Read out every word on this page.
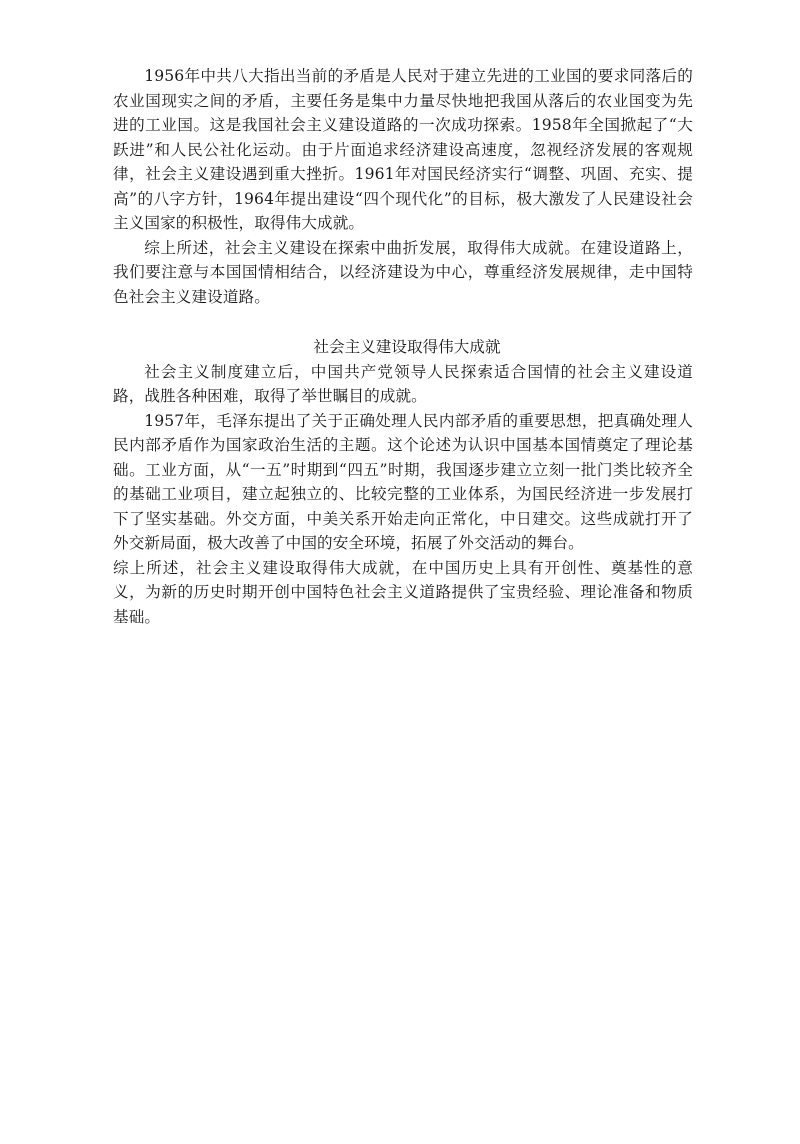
1956年中共八大指出当前的矛盾是人民对于建立先进的工业国的要求同落后的农业国现实之间的矛盾，主要任务是集中力量尽快地把我国从落后的农业国变为先进的工业国。这是我国社会主义建设道路的一次成功探索。1958年全国掀起了“大跃进”和人民公社化运动。由于片面追求经济建设高速度，忽视经济发展的客观规律，社会主义建设遇到重大挫折。1961年对国民经济实行“调整、巩固、充实、提高”的八字方针，1964年提出建设“四个现代化”的目标，极大激发了人民建设社会主义国家的积极性，取得伟大成就。

综上所述，社会主义建设在探索中曲折发展，取得伟大成就。在建设道路上，我们要注意与本国国情相结合，以经济建设为中心，尊重经济发展规律，走中国特色社会主义建设道路。

社会主义建设取得伟大成就

社会主义制度建立后，中国共产党领导人民探索适合国情的社会主义建设道路，战胜各种困难，取得了举世瞩目的成就。

1957年，毛泽东提出了关于正确处理人民内部矛盾的重要思想，把真确处理人民内部矛盾作为国家政治生活的主题。这个论述为认识中国基本国情奠定了理论基础。工业方面，从“一五”时期到“四五”时期，我国逐步建立立刻一批门类比较齐全的基础工业项目，建立起独立的、比较完整的工业体系，为国民经济进一步发展打下了坚实基础。外交方面，中美关系开始走向正常化，中日建交。这些成就打开了外交新局面，极大改善了中国的安全环境，拓展了外交活动的舞台。

综上所述，社会主义建设取得伟大成就，在中国历史上具有开创性、奠基性的意义，为新的历史时期开创中国特色社会主义道路提供了宝贵经验、理论准备和物质基础。
